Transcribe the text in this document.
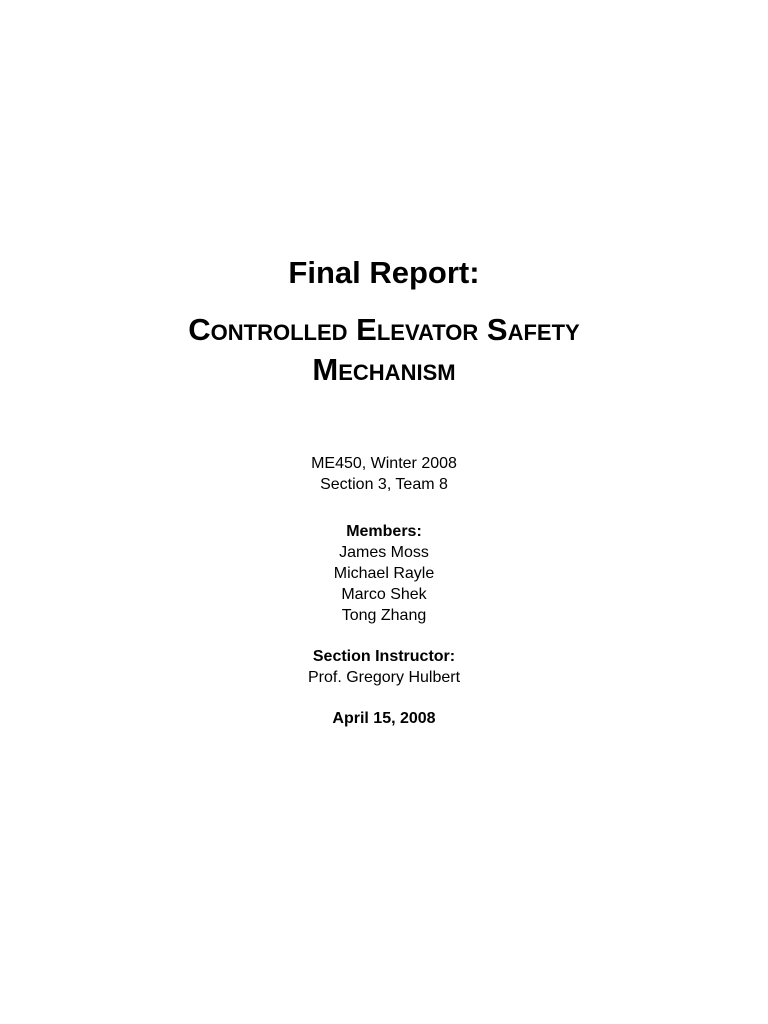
Final Report:
Controlled Elevator Safety
Mechanism
ME450, Winter 2008
Section 3, Team 8
Members:
James Moss
Michael Rayle
Marco Shek
Tong Zhang
Section Instructor:
Prof. Gregory Hulbert
April 15, 2008
